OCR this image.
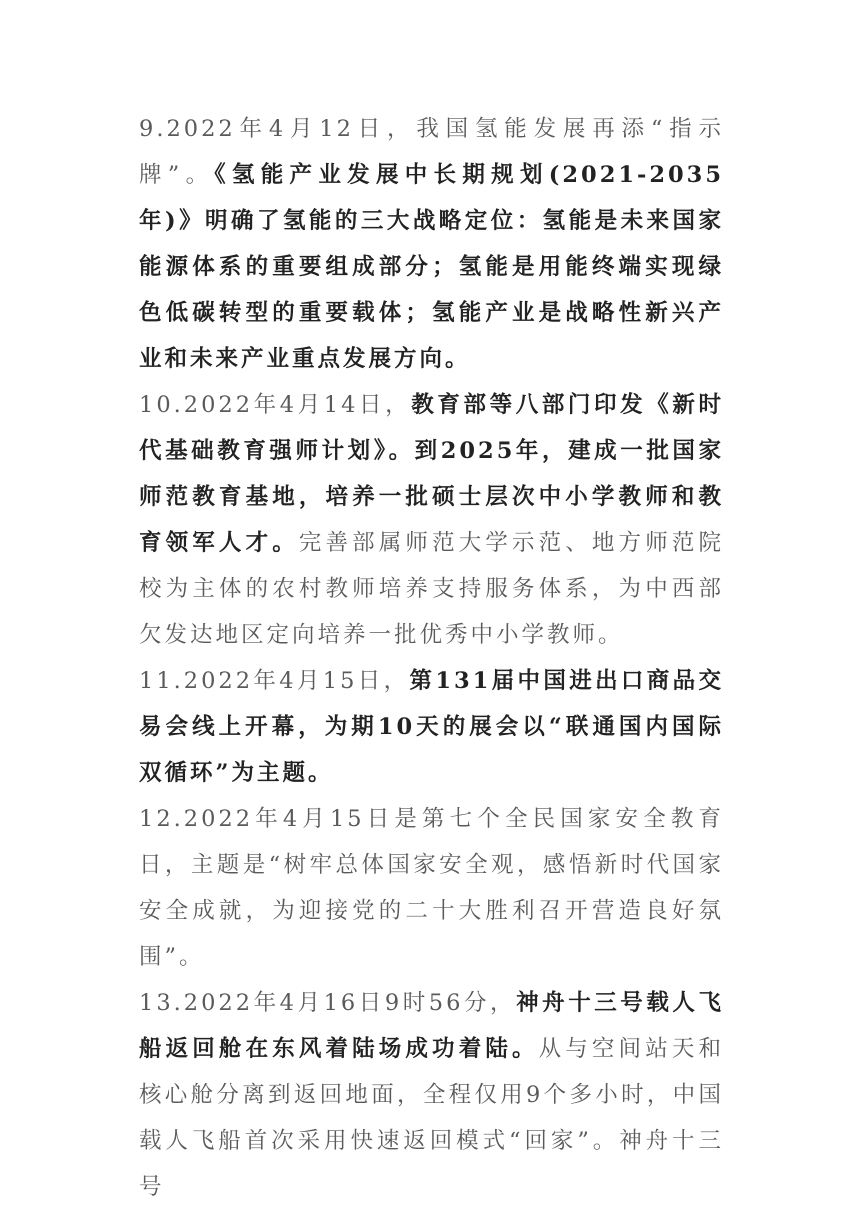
9.2022年4月12日，我国氢能发展再添“指示牌”。《氢能产业发展中长期规划(2021-2035年)》明确了氢能的三大战略定位：氢能是未来国家能源体系的重要组成部分；氢能是用能终端实现绿色低碳转型的重要载体；氢能产业是战略性新兴产业和未来产业重点发展方向。

10.2022年4月14日，教育部等八部门印发《新时代基础教育强师计划》。到2025年，建成一批国家师范教育基地，培养一批硕士层次中小学教师和教育领军人才。完善部属师范大学示范、地方师范院校为主体的农村教师培养支持服务体系，为中西部欠发达地区定向培养一批优秀中小学教师。

11.2022年4月15日，第131届中国进出口商品交易会线上开幕，为期10天的展会以“联通国内国际双循环”为主题。

12.2022年4月15日是第七个全民国家安全教育日，主题是“树牢总体国家安全观，感悟新时代国家安全成就，为迎接党的二十大胜利召开营造良好氛围”。

13.2022年4月16日9时56分，神舟十三号载人飞船返回舱在东风着陆场成功着陆。从与空间站天和核心舱分离到返回地面，全程仅用9个多小时，中国载人飞船首次采用快速返回模式“回家”。神舟十三号
